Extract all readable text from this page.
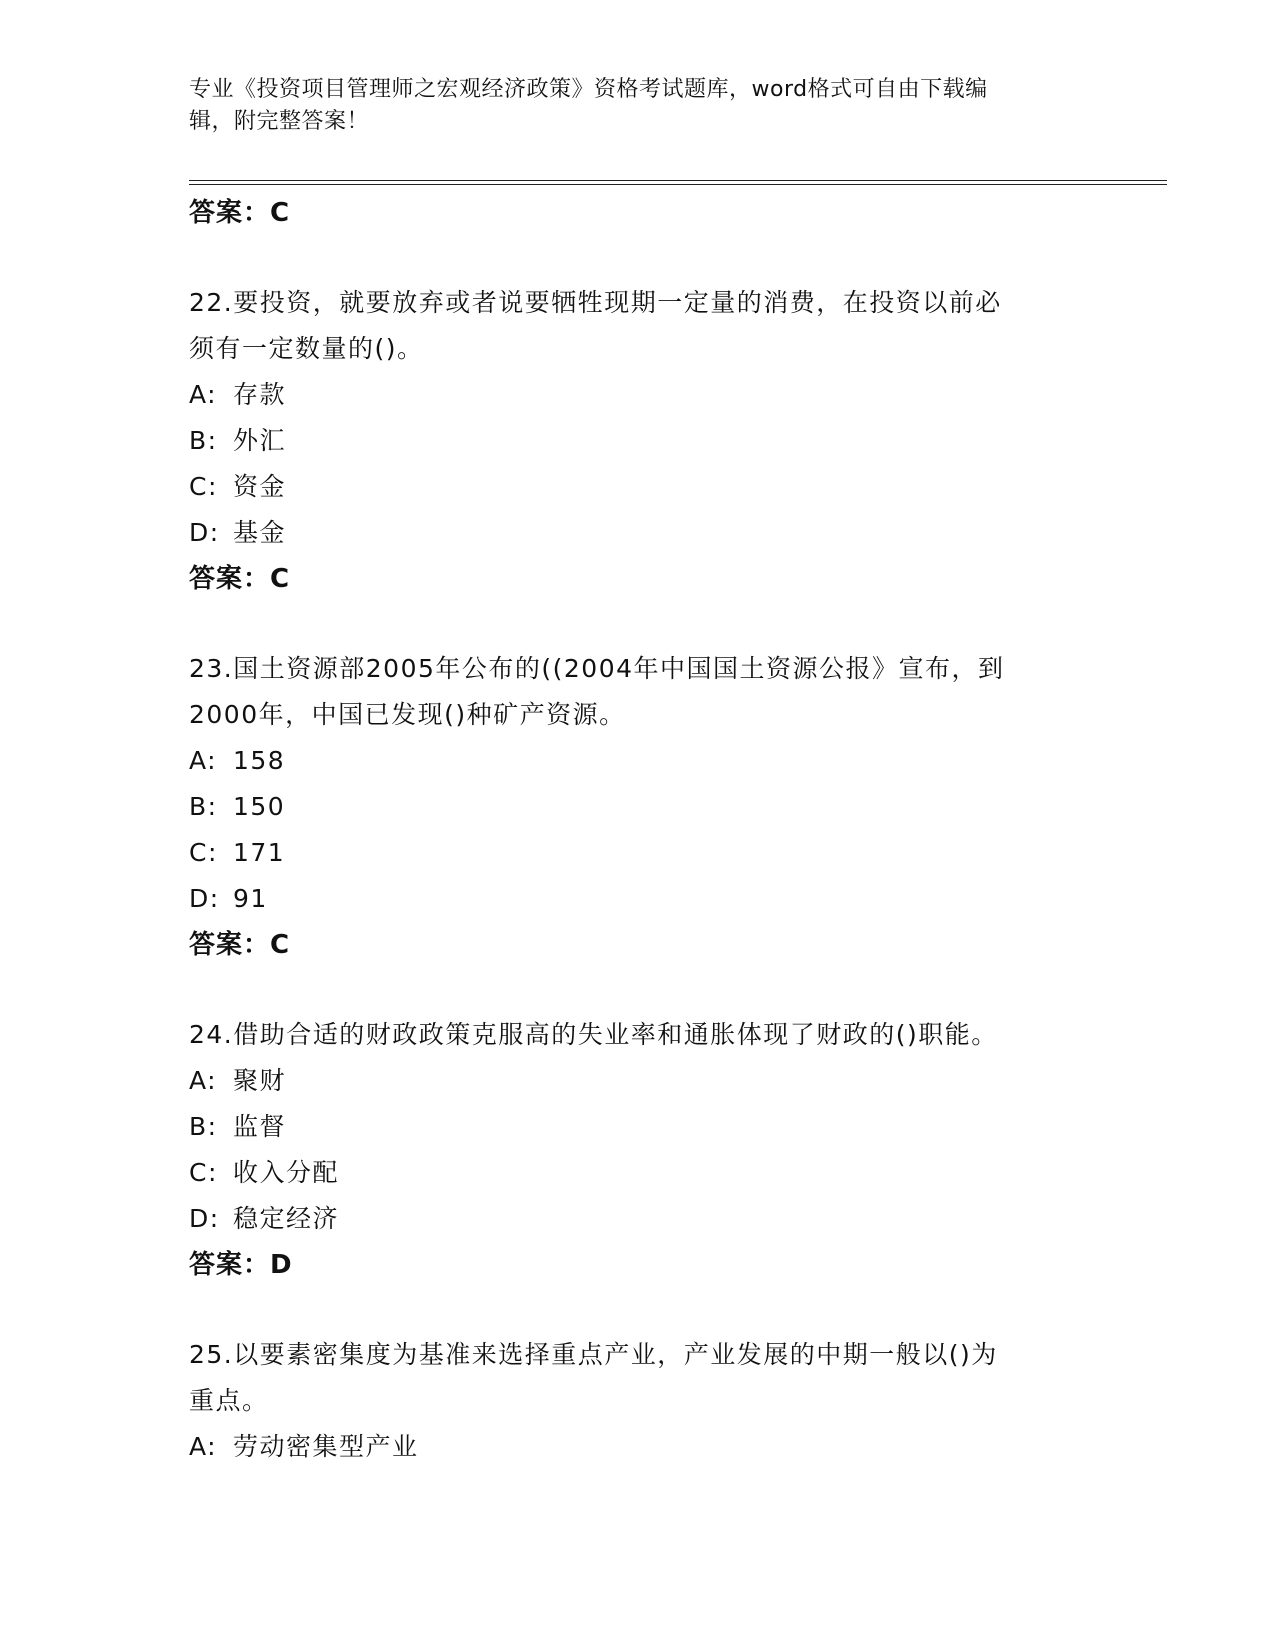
专业《投资项目管理师之宏观经济政策》资格考试题库，word格式可自由下载编
辑，附完整答案！
答案：C
22.要投资，就要放弃或者说要牺牲现期一定量的消费，在投资以前必
须有一定数量的()。
A: 存款
B: 外汇
C: 资金
D: 基金
答案：C
23.国土资源部2005年公布的((2004年中国国土资源公报》宣布，到
2000年，中国已发现()种矿产资源。
A: 158
B: 150
C: 171
D: 91
答案：C
24.借助合适的财政政策克服高的失业率和通胀体现了财政的()职能。
A: 聚财
B: 监督
C: 收入分配
D: 稳定经济
答案：D
25.以要素密集度为基准来选择重点产业，产业发展的中期一般以()为
重点。
A: 劳动密集型产业
